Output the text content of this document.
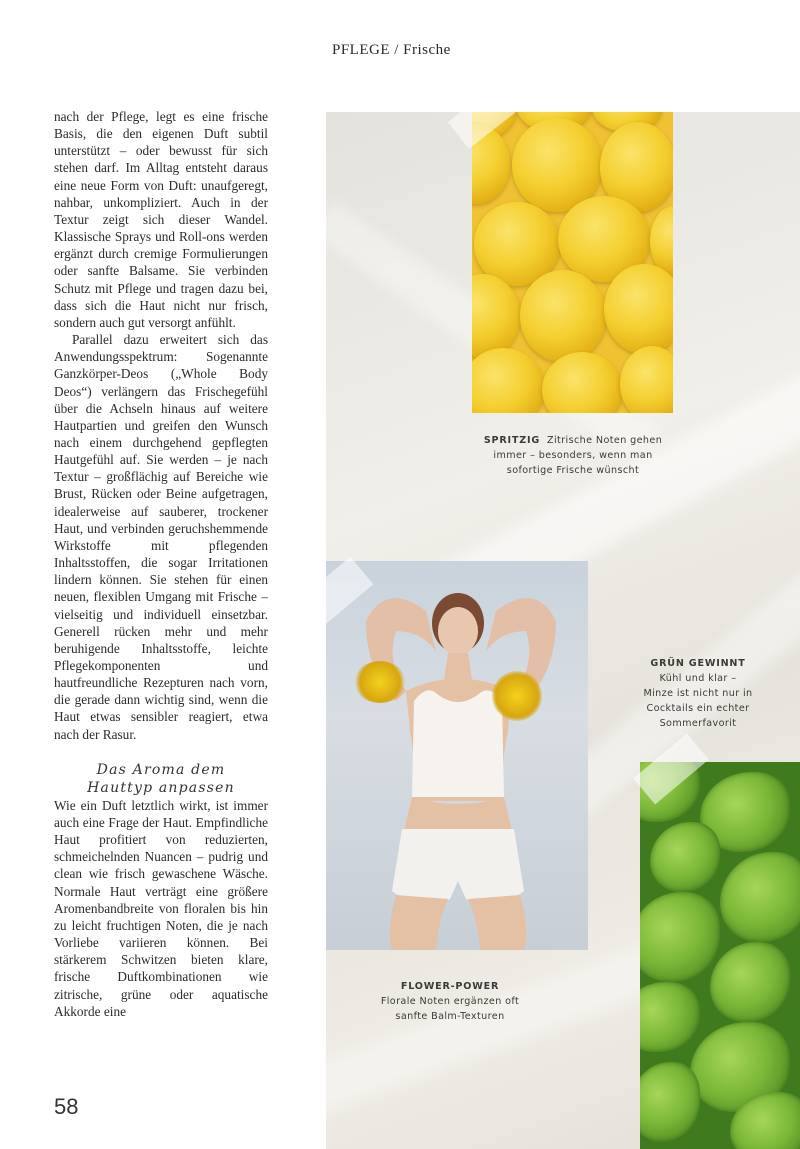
PFLEGE / Frische

nach der Pflege, legt es eine frische Basis, die den eigenen Duft subtil unterstützt – oder bewusst für sich stehen darf. Im Alltag entsteht daraus eine neue Form von Duft: unaufgeregt, nahbar, unkompliziert. Auch in der Textur zeigt sich dieser Wandel. Klassische Sprays und Roll-ons werden ergänzt durch cremige Formulierungen oder sanfte Balsame. Sie verbinden Schutz mit Pflege und tragen dazu bei, dass sich die Haut nicht nur frisch, sondern auch gut versorgt anfühlt.

Parallel dazu erweitert sich das Anwendungsspektrum: Sogenannte Ganzkörper-Deos („Whole Body Deos“) verlängern das Frischegefühl über die Achseln hinaus auf weitere Hautpartien und greifen den Wunsch nach einem durchgehend gepflegten Hautgefühl auf. Sie werden – je nach Textur – großflächig auf Bereiche wie Brust, Rücken oder Beine aufgetragen, idealerweise auf sauberer, trockener Haut, und verbinden geruchshemmende Wirkstoffe mit pflegenden Inhaltsstoffen, die sogar Irritationen lindern können. Sie stehen für einen neuen, flexiblen Umgang mit Frische – vielseitig und individuell einsetzbar. Generell rücken mehr und mehr beruhigende Inhaltsstoffe, leichte Pflegekomponenten und hautfreundliche Rezepturen nach vorn, die gerade dann wichtig sind, wenn die Haut etwas sensibler reagiert, etwa nach der Rasur.

Das Aroma dem
Hauttyp anpassen

Wie ein Duft letztlich wirkt, ist immer auch eine Frage der Haut. Empfindliche Haut profitiert von reduzierten, schmeichelnden Nuancen – pudrig und clean wie frisch gewaschene Wäsche. Normale Haut verträgt eine größere Aromenbandbreite von floralen bis hin zu leicht fruchtigen Noten, die je nach Vorliebe variieren können. Bei stärkerem Schwitzen bieten klare, frische Duftkombinationen wie zitrische, grüne oder aquatische Akkorde eine

58
SPRITZIG Zitrische Noten gehen
immer – besonders, wenn man
sofortige Frische wünscht
GRÜN GEWINNT
Kühl und klar –
Minze ist nicht nur in
Cocktails ein echter
Sommerfavorit
FLOWER-POWER
Florale Noten ergänzen oft
sanfte Balm-Texturen
